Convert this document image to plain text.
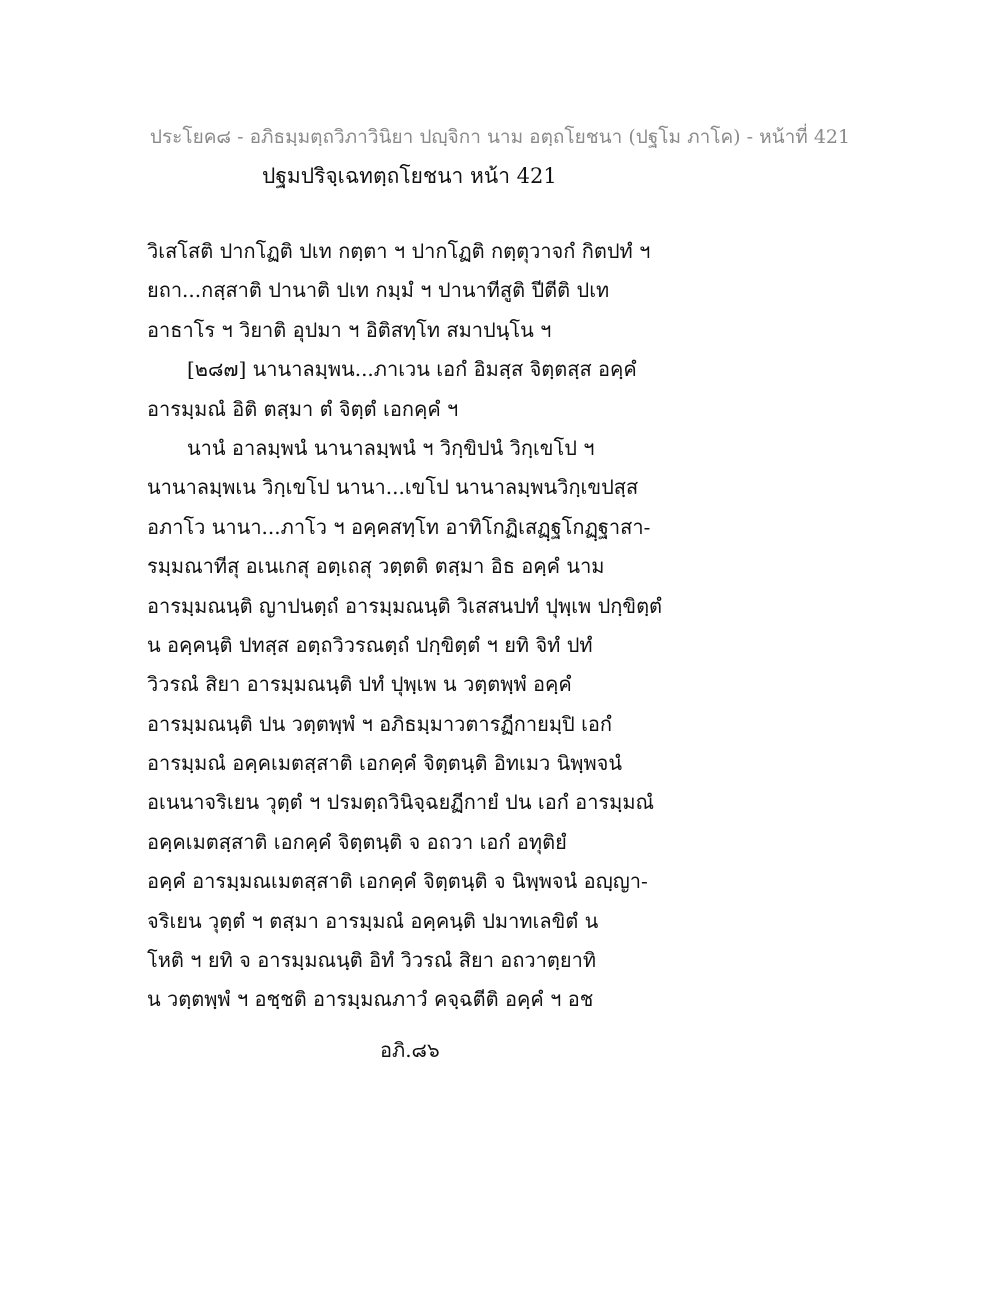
ประโยค๘ - อภิธมฺมตฺถวิภาวินิยา ปญฺจิกา นาม อตฺถโยชนา (ปฐโม ภาโค) - หน้าที่ 421
ปฐมปริจฺเฉทตฺถโยชนา หน้า 421
วิเสโสติ ปากโฏติ ปเท กตฺตา ฯ ปากโฏติ กตฺตุวาจกํ กิตปทํ ฯ
ยถา...กสฺสาติ ปานาติ ปเท กมฺมํ ฯ ปานาทีสูติ ปีตีติ ปเท
อาธาโร ฯ วิยาติ อุปมา ฯ อิติสทฺโท สมาปนฺโน ฯ
[๒๘๗] นานาลมฺพน...ภาเวน เอกํ อิมสฺส จิตฺตสฺส อคฺคํ
อารมฺมณํ อิติ ตสฺมา ตํ จิตฺตํ เอกคฺคํ ฯ
นานํ อาลมฺพนํ นานาลมฺพนํ ฯ วิกฺขิปนํ วิกฺเขโป ฯ
นานาลมฺพเน วิกฺเขโป นานา...เขโป นานาลมฺพนวิกฺเขปสฺส
อภาโว นานา...ภาโว ฯ อคฺคสทฺโท อาทิโกฏิเสฏฺฐโกฏฺฐาสา-
รมฺมณาทีสุ อเนเกสุ อตฺเถสุ วตฺตติ ตสฺมา อิธ อคฺคํ นาม
อารมฺมณนฺติ ญาปนตฺถํ อารมฺมณนฺติ วิเสสนปทํ ปุพฺเพ ปกฺขิตฺตํ
น อคฺคนฺติ ปทสฺส อตฺถวิวรณตฺถํ ปกฺขิตฺตํ ฯ ยทิ จิทํ ปทํ
วิวรณํ สิยา อารมฺมณนฺติ ปทํ ปุพฺเพ น วตฺตพฺพํ อคฺคํ
อารมฺมณนฺติ ปน วตฺตพฺพํ ฯ อภิธมฺมาวตารฏีกายมฺปิ เอกํ
อารมฺมณํ อคฺคเมตสฺสาติ เอกคฺคํ จิตฺตนฺติ อิทเมว นิพฺพจนํ
อเนนาจริเยน วุตฺตํ ฯ ปรมตฺถวินิจฺฉยฏีกายํ ปน เอกํ อารมฺมณํ
อคฺคเมตสฺสาติ เอกคฺคํ จิตฺตนฺติ จ อถวา เอกํ อทุติยํ
อคฺคํ อารมฺมณเมตสฺสาติ เอกคฺคํ จิตฺตนฺติ จ นิพฺพจนํ อญฺญา-
จริเยน วุตฺตํ ฯ ตสฺมา อารมฺมณํ อคฺคนฺติ ปมาทเลขิตํ น
โหติ ฯ ยทิ จ อารมฺมณนฺติ อิทํ วิวรณํ สิยา อถวาตฺยาทิ
น วตฺตพฺพํ ฯ อชฺชติ อารมฺมณภาวํ คจฺฉตีติ อคฺคํ ฯ อช
อภิ.๘๖
